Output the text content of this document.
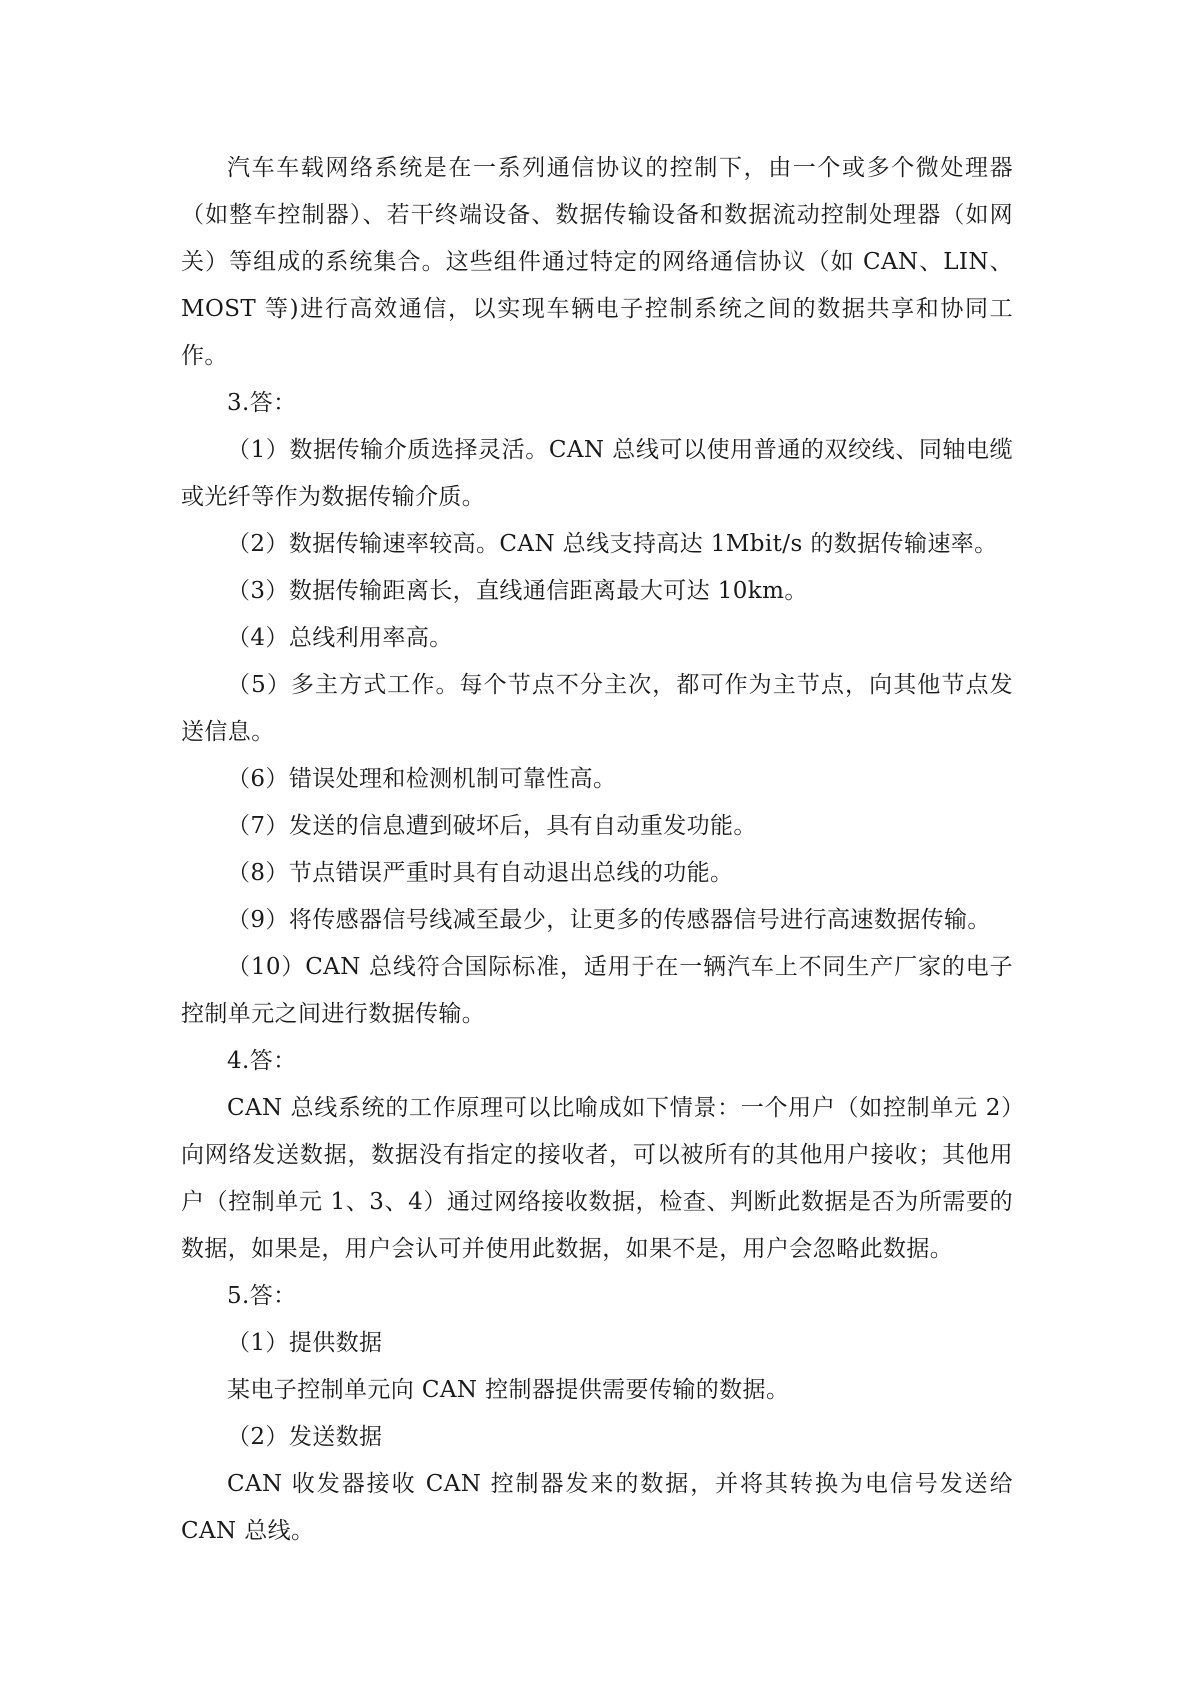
汽车车载网络系统是在一系列通信协议的控制下，由一个或多个微处理器（如整车控制器）、若干终端设备、数据传输设备和数据流动控制处理器（如网关）等组成的系统集合。这些组件通过特定的网络通信协议（如 CAN、LIN、MOST 等)进行高效通信，以实现车辆电子控制系统之间的数据共享和协同工作。

3.答：

（1）数据传输介质选择灵活。CAN 总线可以使用普通的双绞线、同轴电缆或光纤等作为数据传输介质。

（2）数据传输速率较高。CAN 总线支持高达 1Mbit/s 的数据传输速率。

（3）数据传输距离长，直线通信距离最大可达 10km。

（4）总线利用率高。

（5）多主方式工作。每个节点不分主次，都可作为主节点，向其他节点发送信息。

（6）错误处理和检测机制可靠性高。

（7）发送的信息遭到破坏后，具有自动重发功能。

（8）节点错误严重时具有自动退出总线的功能。

（9）将传感器信号线减至最少，让更多的传感器信号进行高速数据传输。

（10）CAN 总线符合国际标准，适用于在一辆汽车上不同生产厂家的电子控制单元之间进行数据传输。

4.答：

CAN 总线系统的工作原理可以比喻成如下情景：一个用户（如控制单元 2）向网络发送数据，数据没有指定的接收者，可以被所有的其他用户接收；其他用户（控制单元 1、3、4）通过网络接收数据，检查、判断此数据是否为所需要的数据，如果是，用户会认可并使用此数据，如果不是，用户会忽略此数据。

5.答：

（1）提供数据

某电子控制单元向 CAN 控制器提供需要传输的数据。

（2）发送数据

CAN 收发器接收 CAN 控制器发来的数据，并将其转换为电信号发送给 CAN 总线。
